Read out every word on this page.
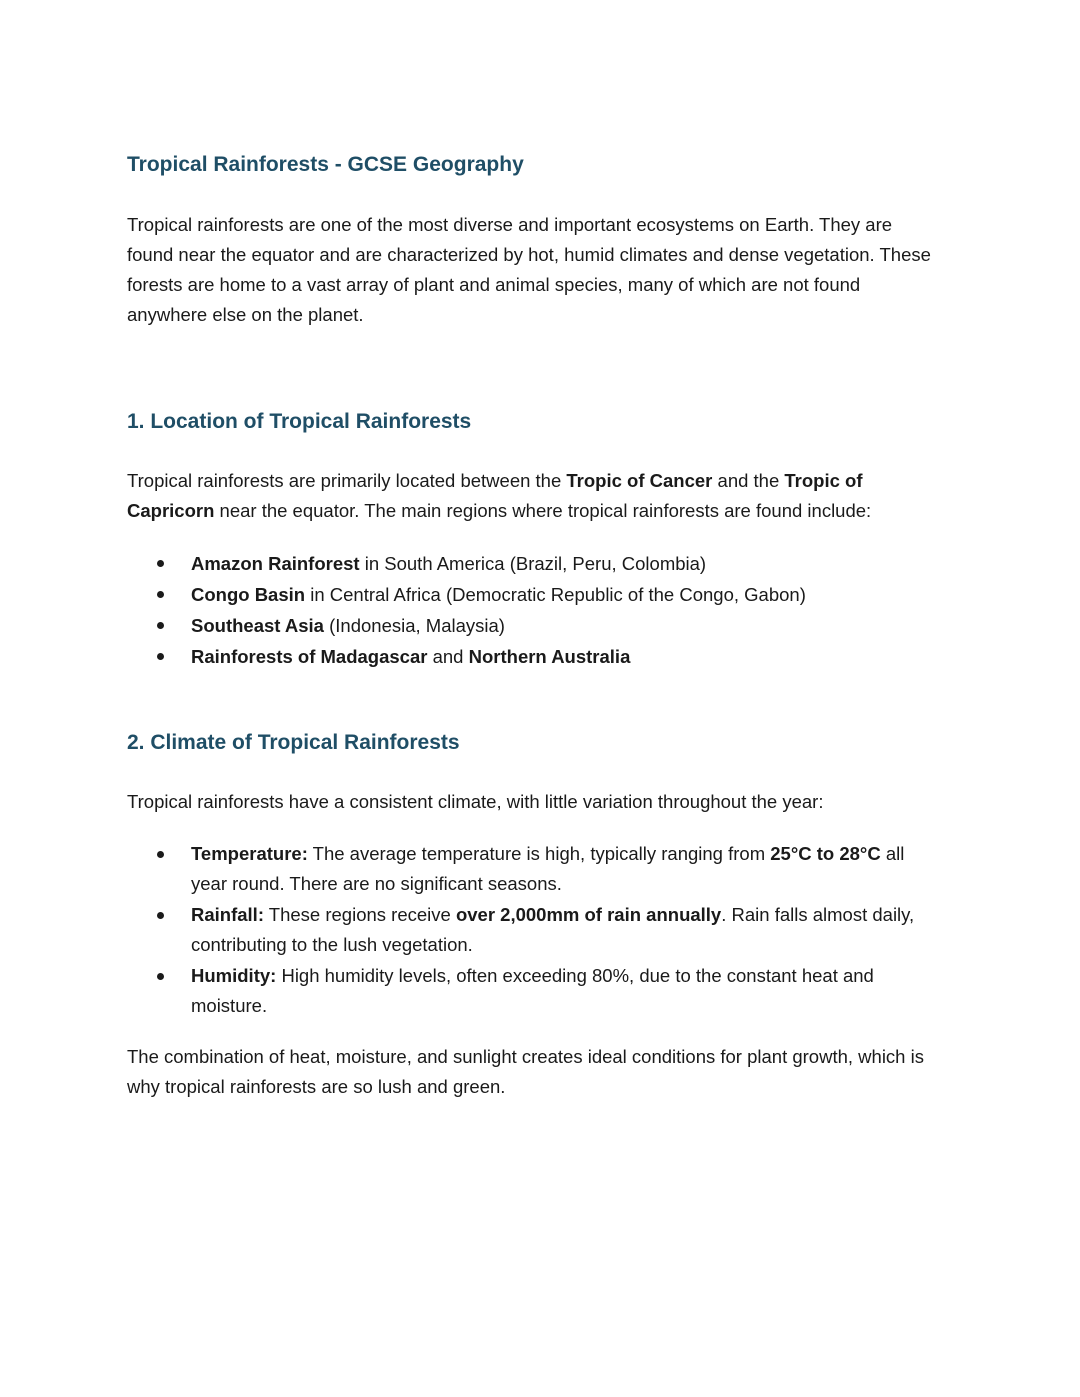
Tropical Rainforests - GCSE Geography

Tropical rainforests are one of the most diverse and important ecosystems on Earth. They are found near the equator and are characterized by hot, humid climates and dense vegetation. These forests are home to a vast array of plant and animal species, many of which are not found anywhere else on the planet.

1. Location of Tropical Rainforests

Tropical rainforests are primarily located between the Tropic of Cancer and the Tropic of Capricorn near the equator. The main regions where tropical rainforests are found include:

Amazon Rainforest in South America (Brazil, Peru, Colombia)
Congo Basin in Central Africa (Democratic Republic of the Congo, Gabon)
Southeast Asia (Indonesia, Malaysia)
Rainforests of Madagascar and Northern Australia
2. Climate of Tropical Rainforests

Tropical rainforests have a consistent climate, with little variation throughout the year:

Temperature: The average temperature is high, typically ranging from 25°C to 28°C all year round. There are no significant seasons.
Rainfall: These regions receive over 2,000mm of rain annually. Rain falls almost daily, contributing to the lush vegetation.
Humidity: High humidity levels, often exceeding 80%, due to the constant heat and moisture.

The combination of heat, moisture, and sunlight creates ideal conditions for plant growth, which is why tropical rainforests are so lush and green.
